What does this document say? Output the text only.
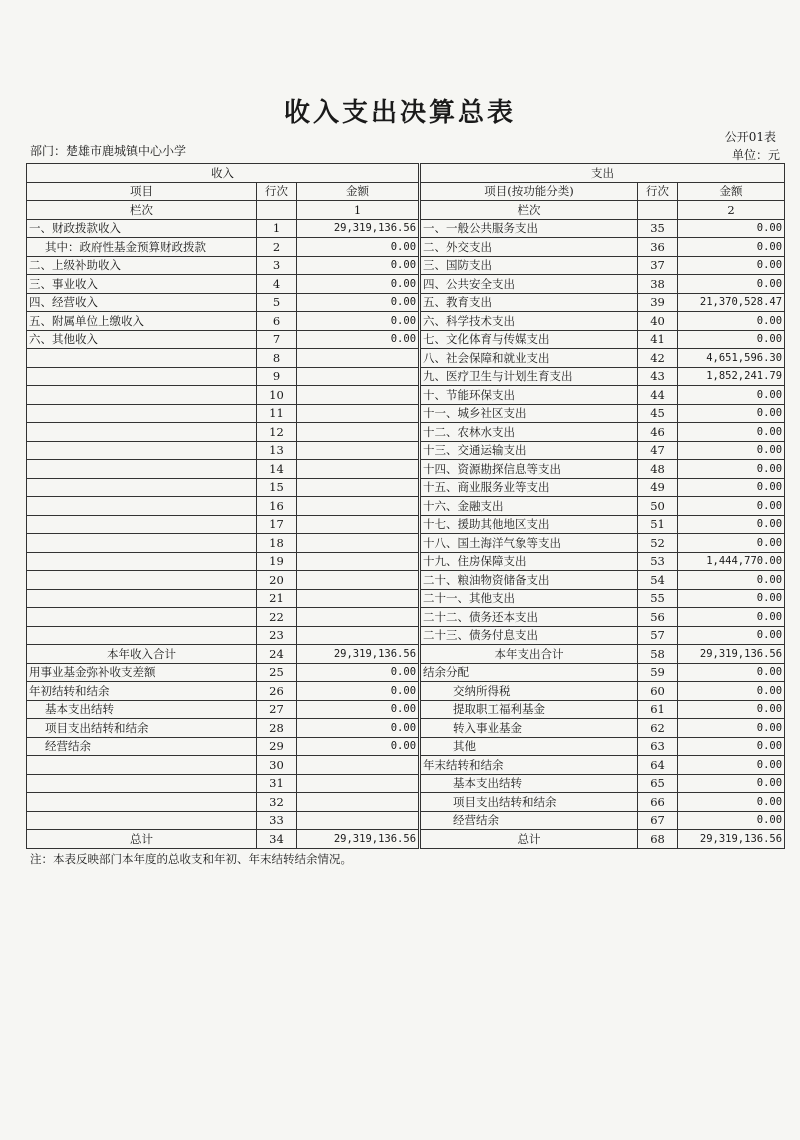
收入支出决算总表
公开01表
部门：楚雄市鹿城镇中心小学	单位：元
收入			支出		
项目	行次	金额	项目(按功能分类)	行次	金额
栏次		1	栏次		2
一、财政拨款收入	1	29,319,136.56	一、一般公共服务支出	35	0.00
其中：政府性基金预算财政拨款	2	0.00	二、外交支出	36	0.00
二、上级补助收入	3	0.00	三、国防支出	37	0.00
三、事业收入	4	0.00	四、公共安全支出	38	0.00
四、经营收入	5	0.00	五、教育支出	39	21,370,528.47
五、附属单位上缴收入	6	0.00	六、科学技术支出	40	0.00
六、其他收入	7	0.00	七、文化体育与传媒支出	41	0.00
	8		八、社会保障和就业支出	42	4,651,596.30
	9		九、医疗卫生与计划生育支出	43	1,852,241.79
	10		十、节能环保支出	44	0.00
	11		十一、城乡社区支出	45	0.00
	12		十二、农林水支出	46	0.00
	13		十三、交通运输支出	47	0.00
	14		十四、资源勘探信息等支出	48	0.00
	15		十五、商业服务业等支出	49	0.00
	16		十六、金融支出	50	0.00
	17		十七、援助其他地区支出	51	0.00
	18		十八、国土海洋气象等支出	52	0.00
	19		十九、住房保障支出	53	1,444,770.00
	20		二十、粮油物资储备支出	54	0.00
	21		二十一、其他支出	55	0.00
	22		二十二、债务还本支出	56	0.00
	23		二十三、债务付息支出	57	0.00
本年收入合计	24	29,319,136.56	本年支出合计	58	29,319,136.56
用事业基金弥补收支差额	25	0.00	结余分配	59	0.00
年初结转和结余	26	0.00	交纳所得税	60	0.00
基本支出结转	27	0.00	提取职工福利基金	61	0.00
项目支出结转和结余	28	0.00	转入事业基金	62	0.00
经营结余	29	0.00	其他	63	0.00
	30		年末结转和结余	64	0.00
	31		基本支出结转	65	0.00
	32		项目支出结转和结余	66	0.00
	33		经营结余	67	0.00
总计	34	29,319,136.56	总计	68	29,319,136.56
注：本表反映部门本年度的总收支和年初、年末结转结余情况。
